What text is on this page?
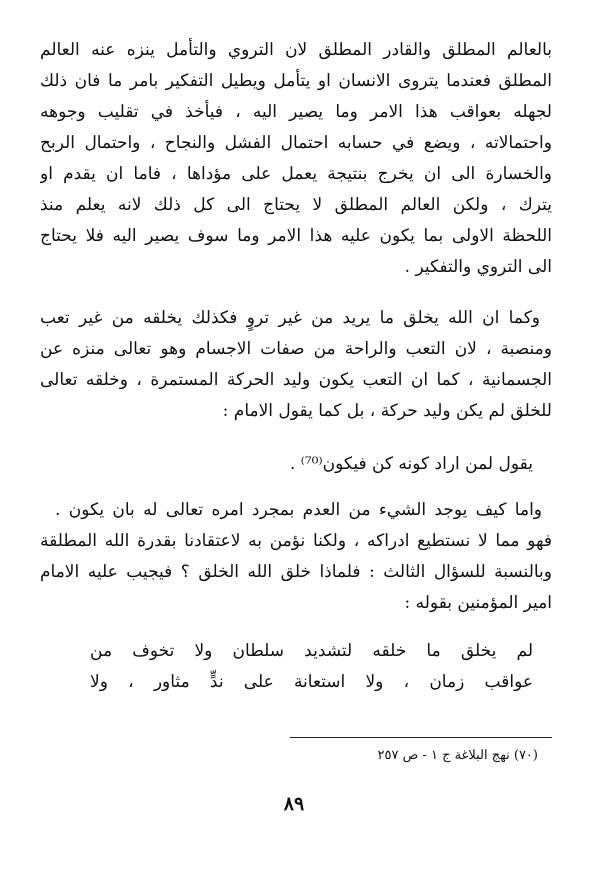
بالعالم المطلق والقادر المطلق لان التروي والتأمل ينزه عنه العالم
المطلق فعندما يتروى الانسان او يتأمل ويطيل التفكير بامر ما فان ذلك
لجهله بعواقب هذا الامر وما يصير اليه ، فيأخذ في تقليب وجوهه
واحتمالاته ، ويضع في حسابه احتمال الفشل والنجاح ، واحتمال الربح
والخسارة الى ان يخرج بنتيجة يعمل على مؤداها ، فاما ان يقدم او
يترك ، ولكن العالم المطلق لا يحتاج الى كل ذلك لانه يعلم منذ
اللحظة الاولى بما يكون عليه هذا الامر وما سوف يصير اليه فلا يحتاج
الى التروي والتفكير .
وكما ان الله يخلق ما يريد من غير تروٍ فكذلك يخلقه من غير تعب
ومنصبة ، لان التعب والراحة من صفات الاجسام وهو تعالى منزه عن
الجسمانية ، كما ان التعب يكون وليد الحركة المستمرة ، وخلقه تعالى
للخلق لم يكن وليد حركة ، بل كما يقول الامام :
يقول لمن اراد كونه كن فيكون⁽⁷⁰⁾ .
واما كيف يوجد الشيء من العدم بمجرد امره تعالى له بان يكون .
فهو مما لا نستطيع ادراكه ، ولكنا نؤمن به لاعتقادنا بقدرة الله المطلقة
وبالنسبة للسؤال الثالث : فلماذا خلق الله الخلق ؟ فيجيب عليه الامام
امير المؤمنين بقوله :
لم يخلق ما خلقه لتشديد سلطان ولا تخوف من
عواقب زمان ، ولا استعانة على ندٍّ مثاور ، ولا
(٧٠) نهج البلاغة ج ١ - ص ٢٥٧
٨٩
